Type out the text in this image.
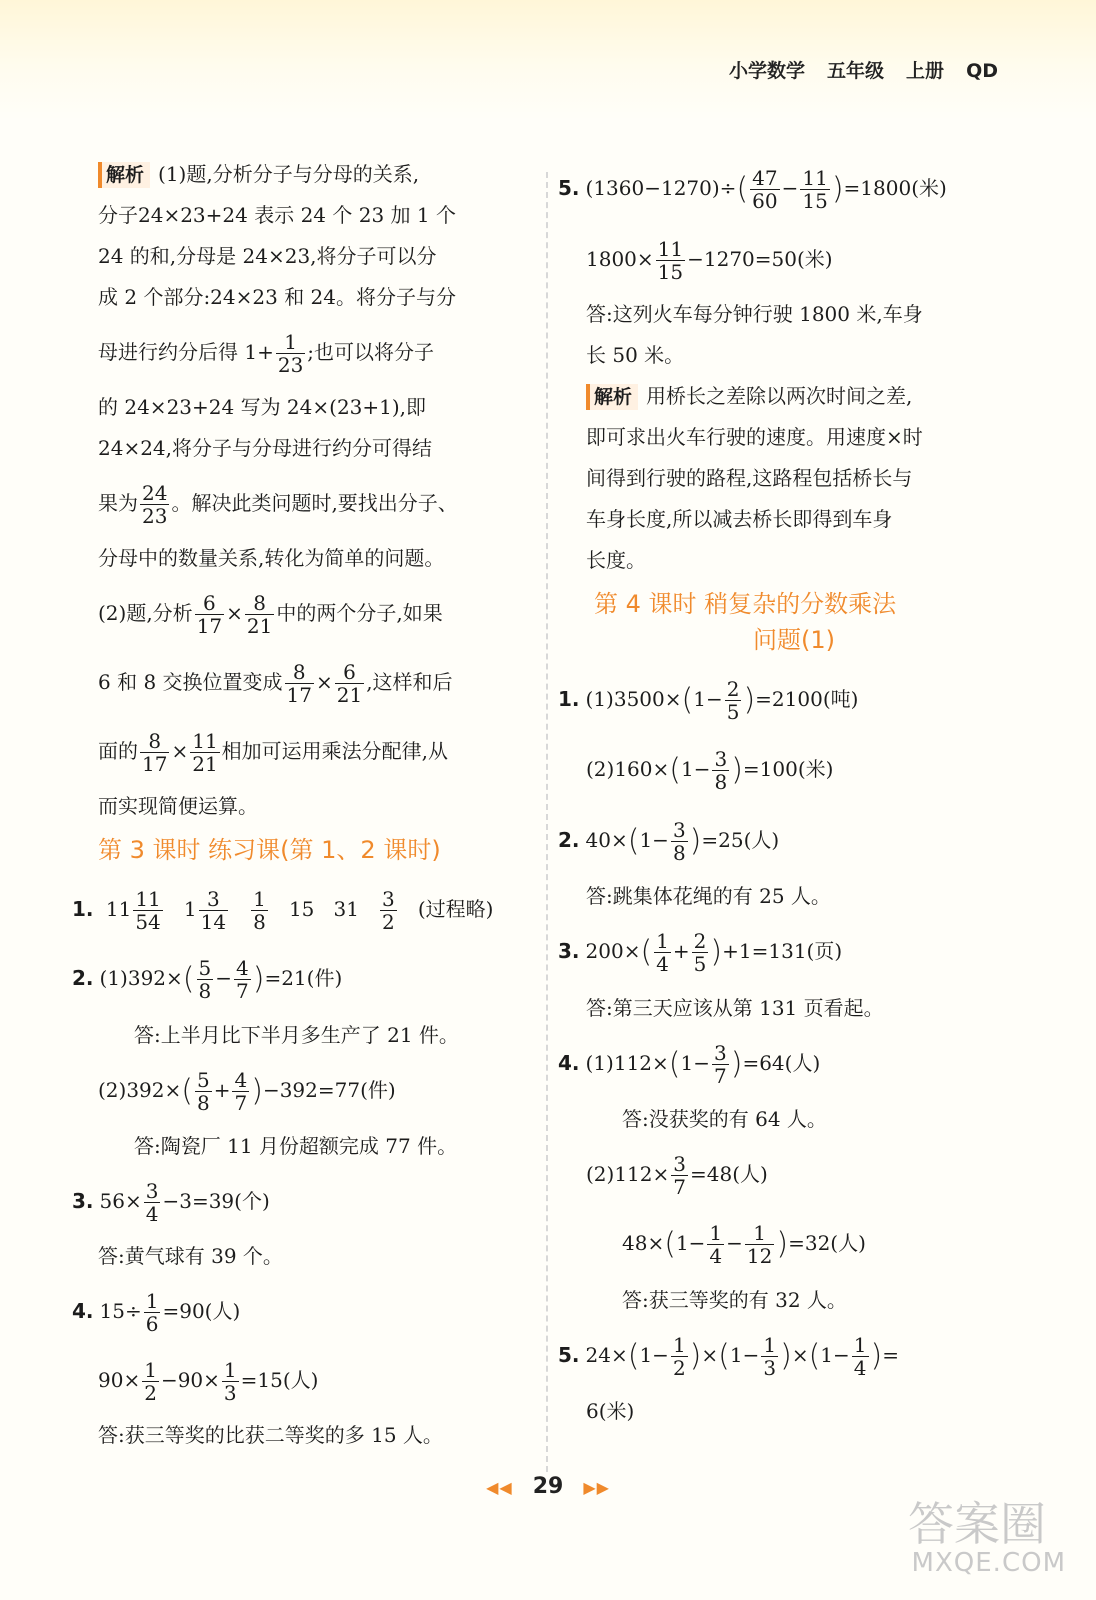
小学数学 五年级 上册 QD
解析 (1)题,分析分子与分母的关系,
分子24×23+24 表示 24 个 23 加 1 个
24 的和,分母是 24×23,将分子可以分
成 2 个部分:24×23 和 24。将分子与分
母进行约分后得 $1+ \frac{1}{23}$ ;也可以将分子
的 24×23+24 写为 24×(23+1),即
24×24,将分子与分母进行约分可得结
果为 $\frac{24}{23}$ 。解决此类问题时,要找出分子、
分母中的数量关系,转化为简单的问题。
(2)题,分析 $\frac{6}{17} \times \frac{8}{21}$ 中的两个分子,如果
6 和 8 交换位置变成 $\frac{8}{17} \times \frac{6}{21}$ ,这样和后
面的 $\frac{8}{17} \times \frac{11}{21}$ 相加可运用乘法分配律,从
而实现简便运算。
第 3 课时 练习课(第 1、2 课时)
1. $11 \frac{11}{54} 1 \frac{3}{14}$
$\frac{1}{8} 15$ $31 \frac{3}{2}$ (过程略)
2. $(1)392\times( \frac{5}{8} - \frac{4}{7} )=21$(件)
答:上半月比下半月多生产了 21 件。
$(2)392\times( \frac{5}{8} + \frac{4}{7} )-392=77$(件)
答:陶瓷厂 11 月份超额完成 77 件。
3. $56\times \frac{3}{4} -3=39$(个)
答:黄气球有 39 个。
4. $15\div \frac{1}{6} =90$(人)
$90\times \frac{1}{2} -90\times \frac{1}{3} =15$(人)
答:获三等奖的比获二等奖的多 15 人。
5. $(1360-1270)\div( \frac{47}{60} - \frac{11}{15} )=1800$(米)
$1800\times \frac{11}{15} -1270=50$(米)
答:这列火车每分钟行驶 1800 米,车身
长 50 米。
解析 用桥长之差除以两次时间之差,
即可求出火车行驶的速度。用速度×时
间得到行驶的路程,这路程包括桥长与
车身长度,所以减去桥长即得到车身
长度。
第 4 课时 稍复杂的分数乘法
问题(1)
1. $(1)3500\times(1- \frac{2}{5} )=2100$(吨)
$(2)160\times(1- \frac{3}{8} )=100$(米)
2. $40\times(1- \frac{3}{8} )=25$(人)
答:跳集体花绳的有 25 人。
3. $200\times( \frac{1}{4} + \frac{2}{5} )+1=131$(页)
答:第三天应该从第 131 页看起。
4. $(1)112\times(1- \frac{3}{7} )=64$(人)
答:没获奖的有 64 人。
$(2)112\times \frac{3}{7} =48$(人)
$48\times(1- \frac{1}{4} - \frac{1}{12} )=32$(人)
答:获三等奖的有 32 人。
5. $24\times(1- \frac{1}{2} )\times(1- \frac{1}{3} )\times(1- \frac{1}{4}$ )=
6(米)
◀◀ 29 ▶▶
答案圈
MXQE.COM
